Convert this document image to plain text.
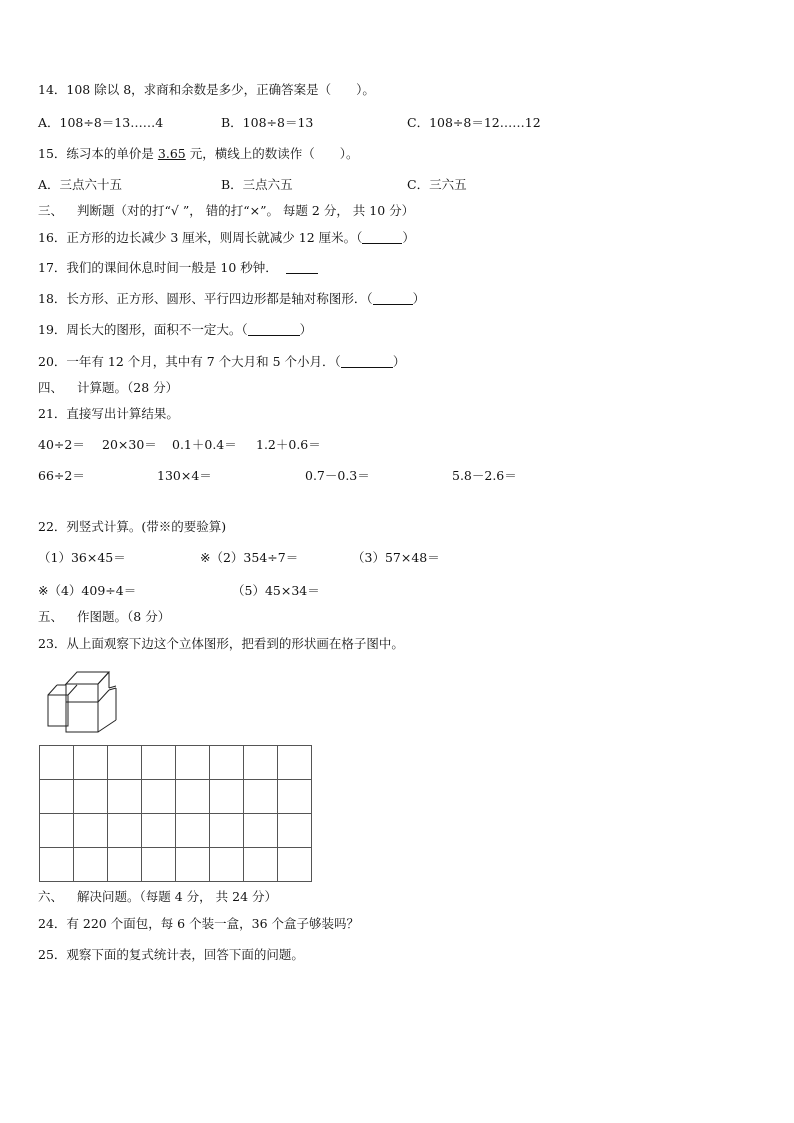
14．108 除以 8，求商和余数是多少，正确答案是（　　）。
A．108÷8＝13……4	B．108÷8＝13	C．108÷8＝12……12
15．练习本的单价是 3.65 元，横线上的数读作（　　）。
A．三点六十五	B．三点六五	C．三六五
三、 判断题（对的打“√ ”， 错的打“×”。 每题 2 分， 共 10 分）
16．正方形的边长减少 3 厘米，则周长就减少 12 厘米。（	）
17．我们的课间休息时间一般是 10 秒钟．
18．长方形、正方形、圆形、平行四边形都是轴对称图形．（	）
19．周长大的图形，面积不一定大。（	）
20．一年有 12 个月，其中有 7 个大月和 5 个小月．（	）
四、 计算题。（28 分）
21．直接写出计算结果。
40÷2＝ 20×30＝ 0.1＋0.4＝ 1.2＋0.6＝
66÷2＝	130×4＝	0.7－0.3＝	5.8－2.6＝
22．列竖式计算。(带※的要验算)
（1）36×45＝	※（2）354÷7＝	（3）57×48＝
※（4）409÷4＝	（5）45×34＝
五、 作图题。（8 分）
23．从上面观察下边这个立体图形，把看到的形状画在格子图中。
六、 解决问题。（每题 4 分， 共 24 分）
24．有 220 个面包，每 6 个装一盒，36 个盒子够装吗？
25．观察下面的复式统计表，回答下面的问题。
